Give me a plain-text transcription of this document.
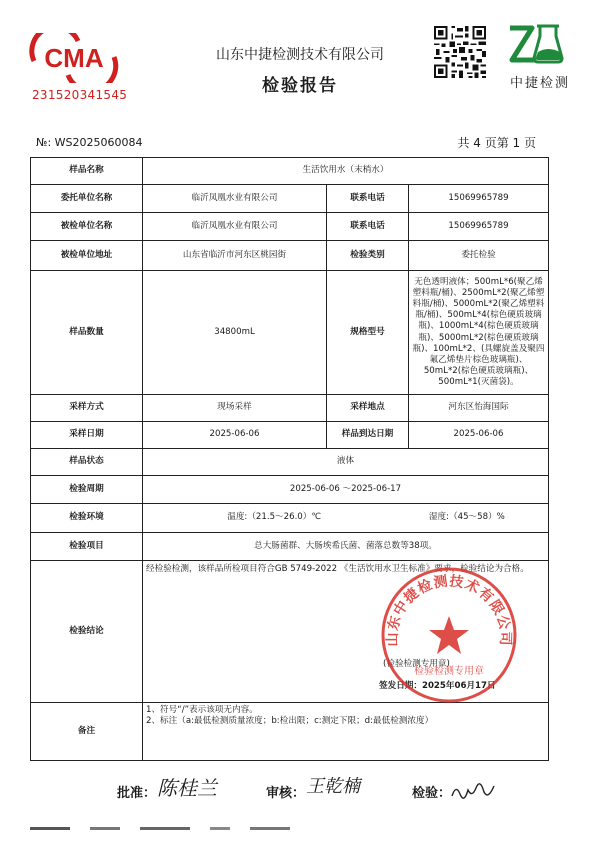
CMA
231520341545
山东中捷检测技术有限公司
检验报告	中捷检测
№: WS2025060084	共 4 页第 1 页
样品名称	生活饮用水（末梢水）		
委托单位名称	临沂凤凰水业有限公司	联系电话	15069965789
被检单位名称	临沂凤凰水业有限公司	联系电话	15069965789
被检单位地址	山东省临沂市河东区桃园街	检验类别	委托检验
样品数量	34800mL	规格型号	无色透明液体；500mL*6(聚乙烯塑料瓶/桶)、2500mL*2(聚乙烯塑料瓶/桶)、5000mL*2(聚乙烯塑料瓶/桶)、500mL*4(棕色硬质玻璃瓶)、1000mL*4(棕色硬质玻璃瓶)、5000mL*2(棕色硬质玻璃瓶)、100mL*2、(具螺旋盖及聚四氟乙烯垫片棕色玻璃瓶)、50mL*2(棕色硬质玻璃瓶)、500mL*1(灭菌袋)。
采样方式	现场采样	采样地点	河东区怡海国际
采样日期	2025-06-06	样品到达日期	2025-06-06
样品状态	液体		
检验周期	2025-06-06 ～2025-06-17		
检验环境	温度:（21.5～26.0）℃ 湿度:（45～58）%		
检验项目	总大肠菌群、大肠埃希氏菌、菌落总数等38项。		
检验结论	经检验检测，该样品所检项目符合GB 5749-2022 《生活饮用水卫生标准》要求，检验结论为合格。
(检验检测专用章)
签发日期：2025年06月17日		

备注	1、符号“/”表示该项无内容。

2、标注（a:最低检测质量浓度；b:检出限；c:测定下限；d:最低检测浓度）		

山东中捷检测技术有限公司
检验检测专用章
批准： 陈桂兰	审核： 王乾楠	检验：
